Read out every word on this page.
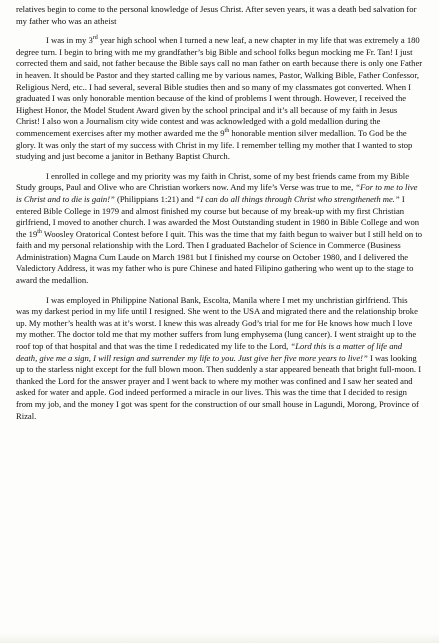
relatives begin to come to the personal knowledge of Jesus Christ. After seven years, it was a death bed salvation for my father who was an atheist

I was in my 3rd year high school when I turned a new leaf, a new chapter in my life that was extremely a 180 degree turn. I begin to bring with me my grandfather’s big Bible and school folks begun mocking me Fr. Tan! I just corrected them and said, not father because the Bible says call no man father on earth because there is only one Father in heaven. It should be Pastor and they started calling me by various names, Pastor, Walking Bible, Father Confessor, Religious Nerd, etc.. I had several, several Bible studies then and so many of my classmates got converted. When I graduated I was only honorable mention because of the kind of problems I went through. However, I received the Highest Honor, the Model Student Award given by the school principal and it’s all because of my faith in Jesus Christ! I also won a Journalism city wide contest and was acknowledged with a gold medallion during the commencement exercises after my mother awarded me the 9th honorable mention silver medallion. To God be the glory. It was only the start of my success with Christ in my life. I remember telling my mother that I wanted to stop studying and just become a janitor in Bethany Baptist Church.

I enrolled in college and my priority was my faith in Christ, some of my best friends came from my Bible Study groups, Paul and Olive who are Christian workers now. And my life’s Verse was true to me, “For to me to live is Christ and to die is gain!” (Philippians 1:21) and “I can do all things through Christ who strengtheneth me.” I entered Bible College in 1979 and almost finished my course but because of my break-up with my first Christian girlfriend, I moved to another church. I was awarded the Most Outstanding student in 1980 in Bible College and won the 19th Woosley Oratorical Contest before I quit. This was the time that my faith begun to waiver but I still held on to faith and my personal relationship with the Lord. Then I graduated Bachelor of Science in Commerce (Business Administration) Magna Cum Laude on March 1981 but I finished my course on October 1980, and I delivered the Valedictory Address, it was my father who is pure Chinese and hated Filipino gathering who went up to the stage to award the medallion.

I was employed in Philippine National Bank, Escolta, Manila where I met my unchristian girlfriend. This was my darkest period in my life until I resigned. She went to the USA and migrated there and the relationship broke up. My mother’s health was at it’s worst. I knew this was already God’s trial for me for He knows how much I love my mother. The doctor told me that my mother suffers from lung emphysema (lung cancer). I went straight up to the roof top of that hospital and that was the time I rededicated my life to the Lord, “Lord this is a matter of life and death, give me a sign, I will resign and surrender my life to you. Just give her five more years to live!” I was looking up to the starless night except for the full blown moon. Then suddenly a star appeared beneath that bright full-moon. I thanked the Lord for the answer prayer and I went back to where my mother was confined and I saw her seated and asked for water and apple. God indeed performed a miracle in our lives. This was the time that I decided to resign from my job, and the money I got was spent for the construction of our small house in Lagundi, Morong, Province of Rizal.
